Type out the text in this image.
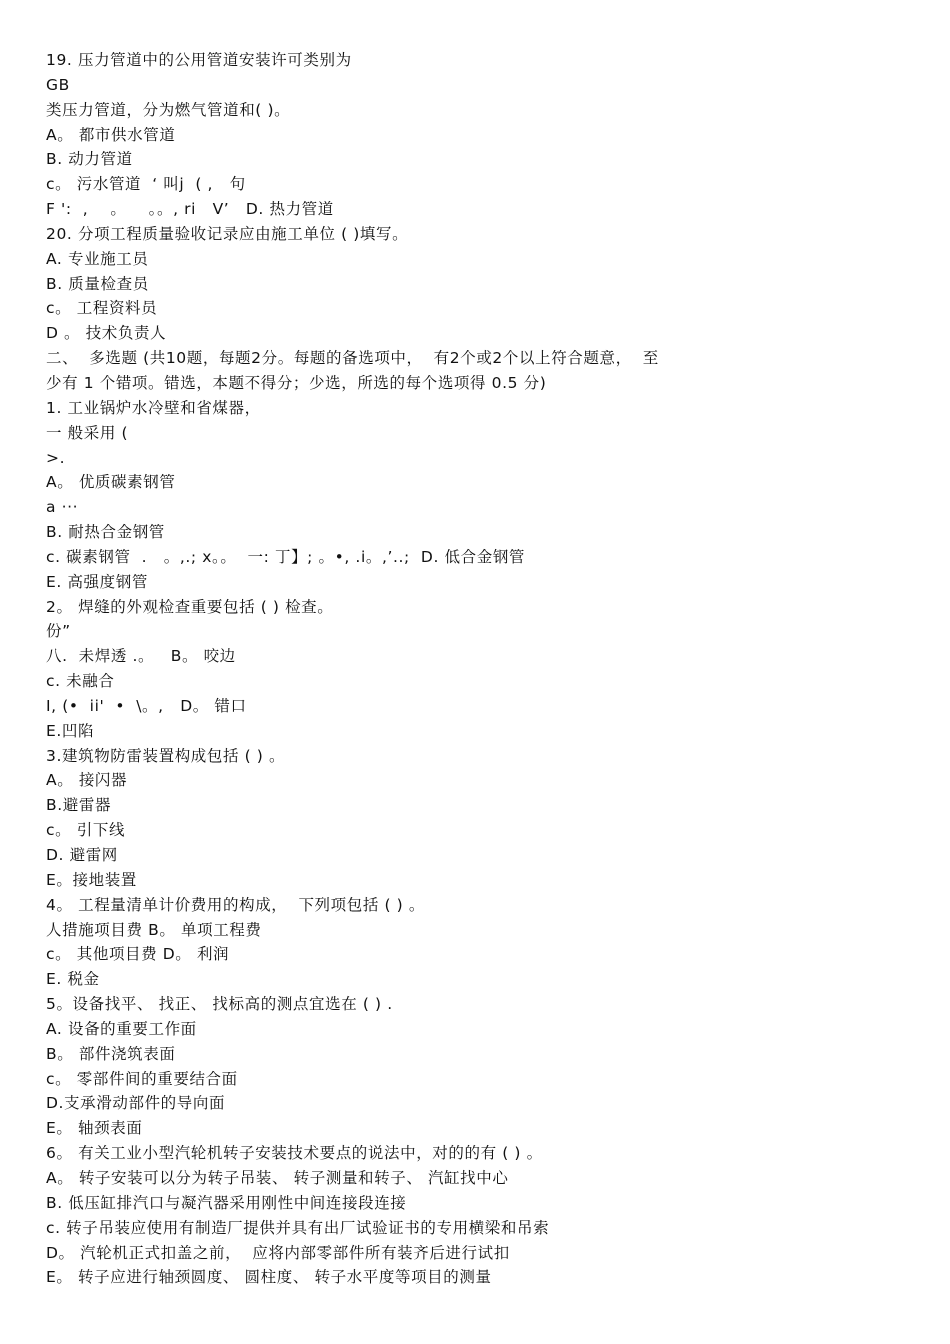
19. 压力管道中的公用管道安装许可类别为
GB
类压力管道，分为燃气管道和( )。
A。 都市供水管道
B. 动力管道
c。 污水管道  ‘ 叫j  ( ,   句
F ':  ,    。    。。, ri   V’   D. 热力管道
20. 分项工程质量验收记录应由施工单位 ( )填写。
A. 专业施工员
B. 质量检查员
c。 工程资料员
D 。 技术负责人
二、  多选题 (共10题，每题2分。每题的备选项中，  有2个或2个以上符合题意，  至
少有 1 个错项。错选，本题不得分；少选，所选的每个选项得 0.5 分)
1. 工业锅炉水冷壁和省煤器，
一 般采用 (
>.
A。 优质碳素钢管
a ···
B. 耐热合金钢管
c. 碳素钢管  .   。,.; x。。  一: 丁】; 。•, .i。,’..;  D. 低合金钢管
E. 高强度钢管
2。 焊缝的外观检查重要包括 ( ) 检查。
份”
八.  未焊透 .。   B。 咬边
c. 未融合
I, (•  ii'  •  \。,   D。 错口
E.凹陷
3.建筑物防雷装置构成包括 ( ) 。
A。 接闪器
B.避雷器
c。 引下线
D. 避雷网
E。接地装置
4。 工程量清单计价费用的构成，  下列项包括 ( ) 。
人措施项目费 B。 单项工程费
c。 其他项目费 D。 利润
E. 税金
5。设备找平、 找正、 找标高的测点宜选在 ( ) .
A. 设备的重要工作面
B。 部件浇筑表面
c。 零部件间的重要结合面
D.支承滑动部件的导向面
E。 轴颈表面
6。 有关工业小型汽轮机转子安装技术要点的说法中，对的的有 ( ) 。
A。 转子安装可以分为转子吊装、 转子测量和转子、 汽缸找中心
B. 低压缸排汽口与凝汽器采用刚性中间连接段连接
c. 转子吊装应使用有制造厂提供并具有出厂试验证书的专用横梁和吊索
D。 汽轮机正式扣盖之前，  应将内部零部件所有装齐后进行试扣
E。 转子应进行轴颈圆度、 圆柱度、 转子水平度等项目的测量
